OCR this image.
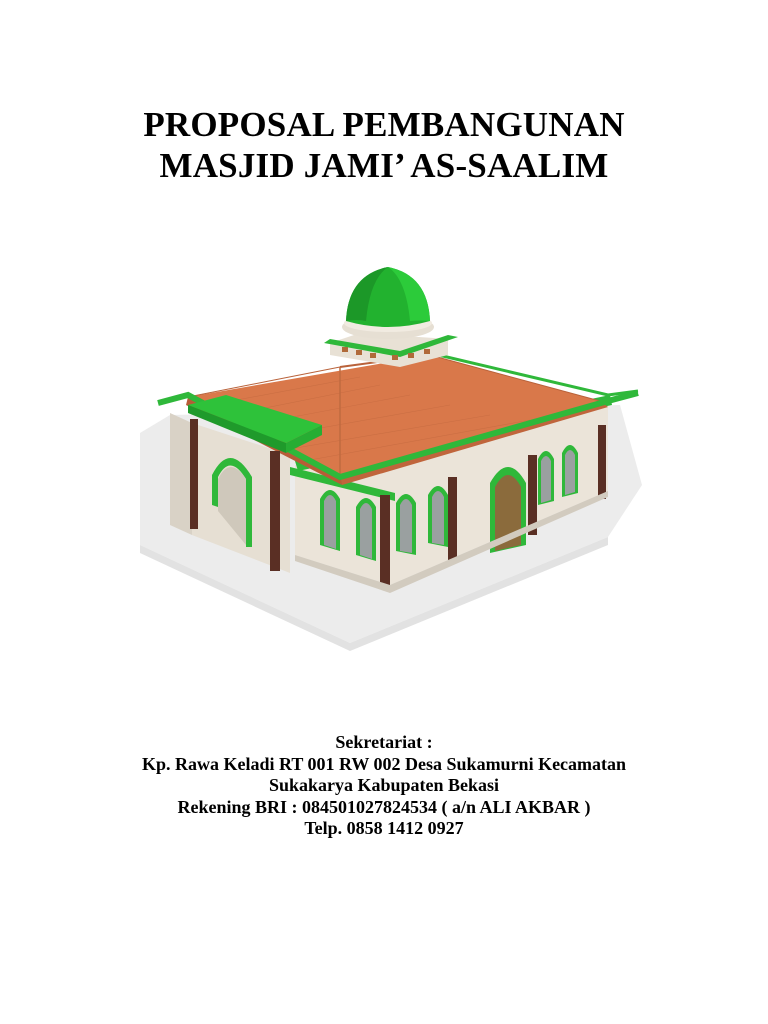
PROPOSAL PEMBANGUNAN
MASJID JAMI’ AS-SAALIM
Sekretariat :
Kp. Rawa Keladi RT 001 RW 002 Desa Sukamurni Kecamatan
Sukakarya Kabupaten Bekasi
Rekening BRI : 084501027824534 ( a/n ALI AKBAR )
Telp. 0858 1412 0927
